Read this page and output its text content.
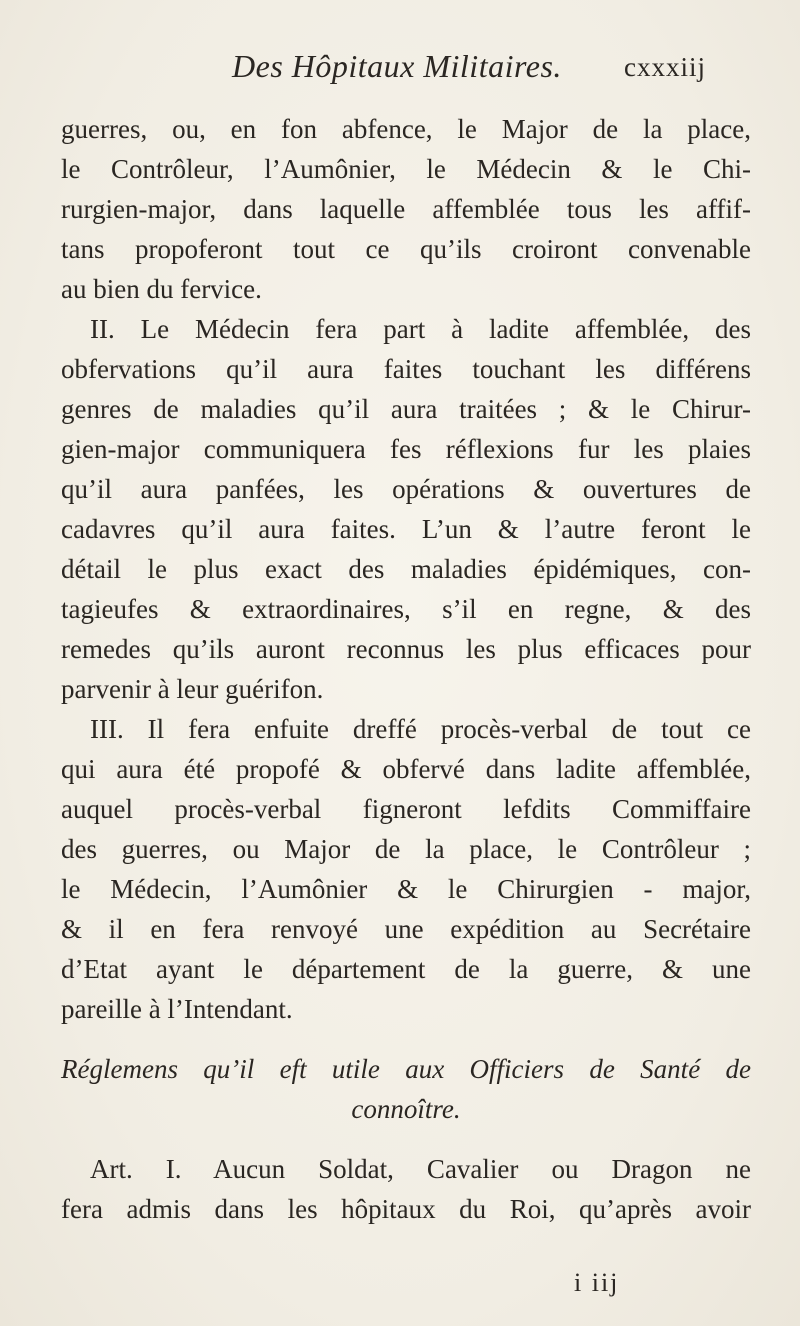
Des Hôpitaux Militaires. cxxxiij
guerres, ou, en fon abfence, le Major de la place,
le Contrôleur, l’Aumônier, le Médecin & le Chi-
rurgien-major, dans laquelle affemblée tous les affif-
tans propoferont tout ce qu’ils croiront convenable
au bien du fervice.
II. Le Médecin fera part à ladite affemblée, des
obfervations qu’il aura faites touchant les différens
genres de maladies qu’il aura traitées ; & le Chirur-
gien-major communiquera fes réflexions fur les plaies
qu’il aura panfées, les opérations & ouvertures de
cadavres qu’il aura faites. L’un & l’autre feront le
détail le plus exact des maladies épidémiques, con-
tagieufes & extraordinaires, s’il en regne, & des
remedes qu’ils auront reconnus les plus efficaces pour
parvenir à leur guérifon.
III. Il fera enfuite dreffé procès-verbal de tout ce
qui aura été propofé & obfervé dans ladite affemblée,
auquel procès-verbal figneront lefdits Commiffaire
des guerres, ou Major de la place, le Contrôleur ;
le Médecin, l’Aumônier & le Chirurgien - major,
& il en fera renvoyé une expédition au Secrétaire
d’Etat ayant le département de la guerre, & une
pareille à l’Intendant.
Réglemens qu’il eft utile aux Officiers de Santé de
connoître.
Art. I. Aucun Soldat, Cavalier ou Dragon ne
fera admis dans les hôpitaux du Roi, qu’après avoir
i iij
